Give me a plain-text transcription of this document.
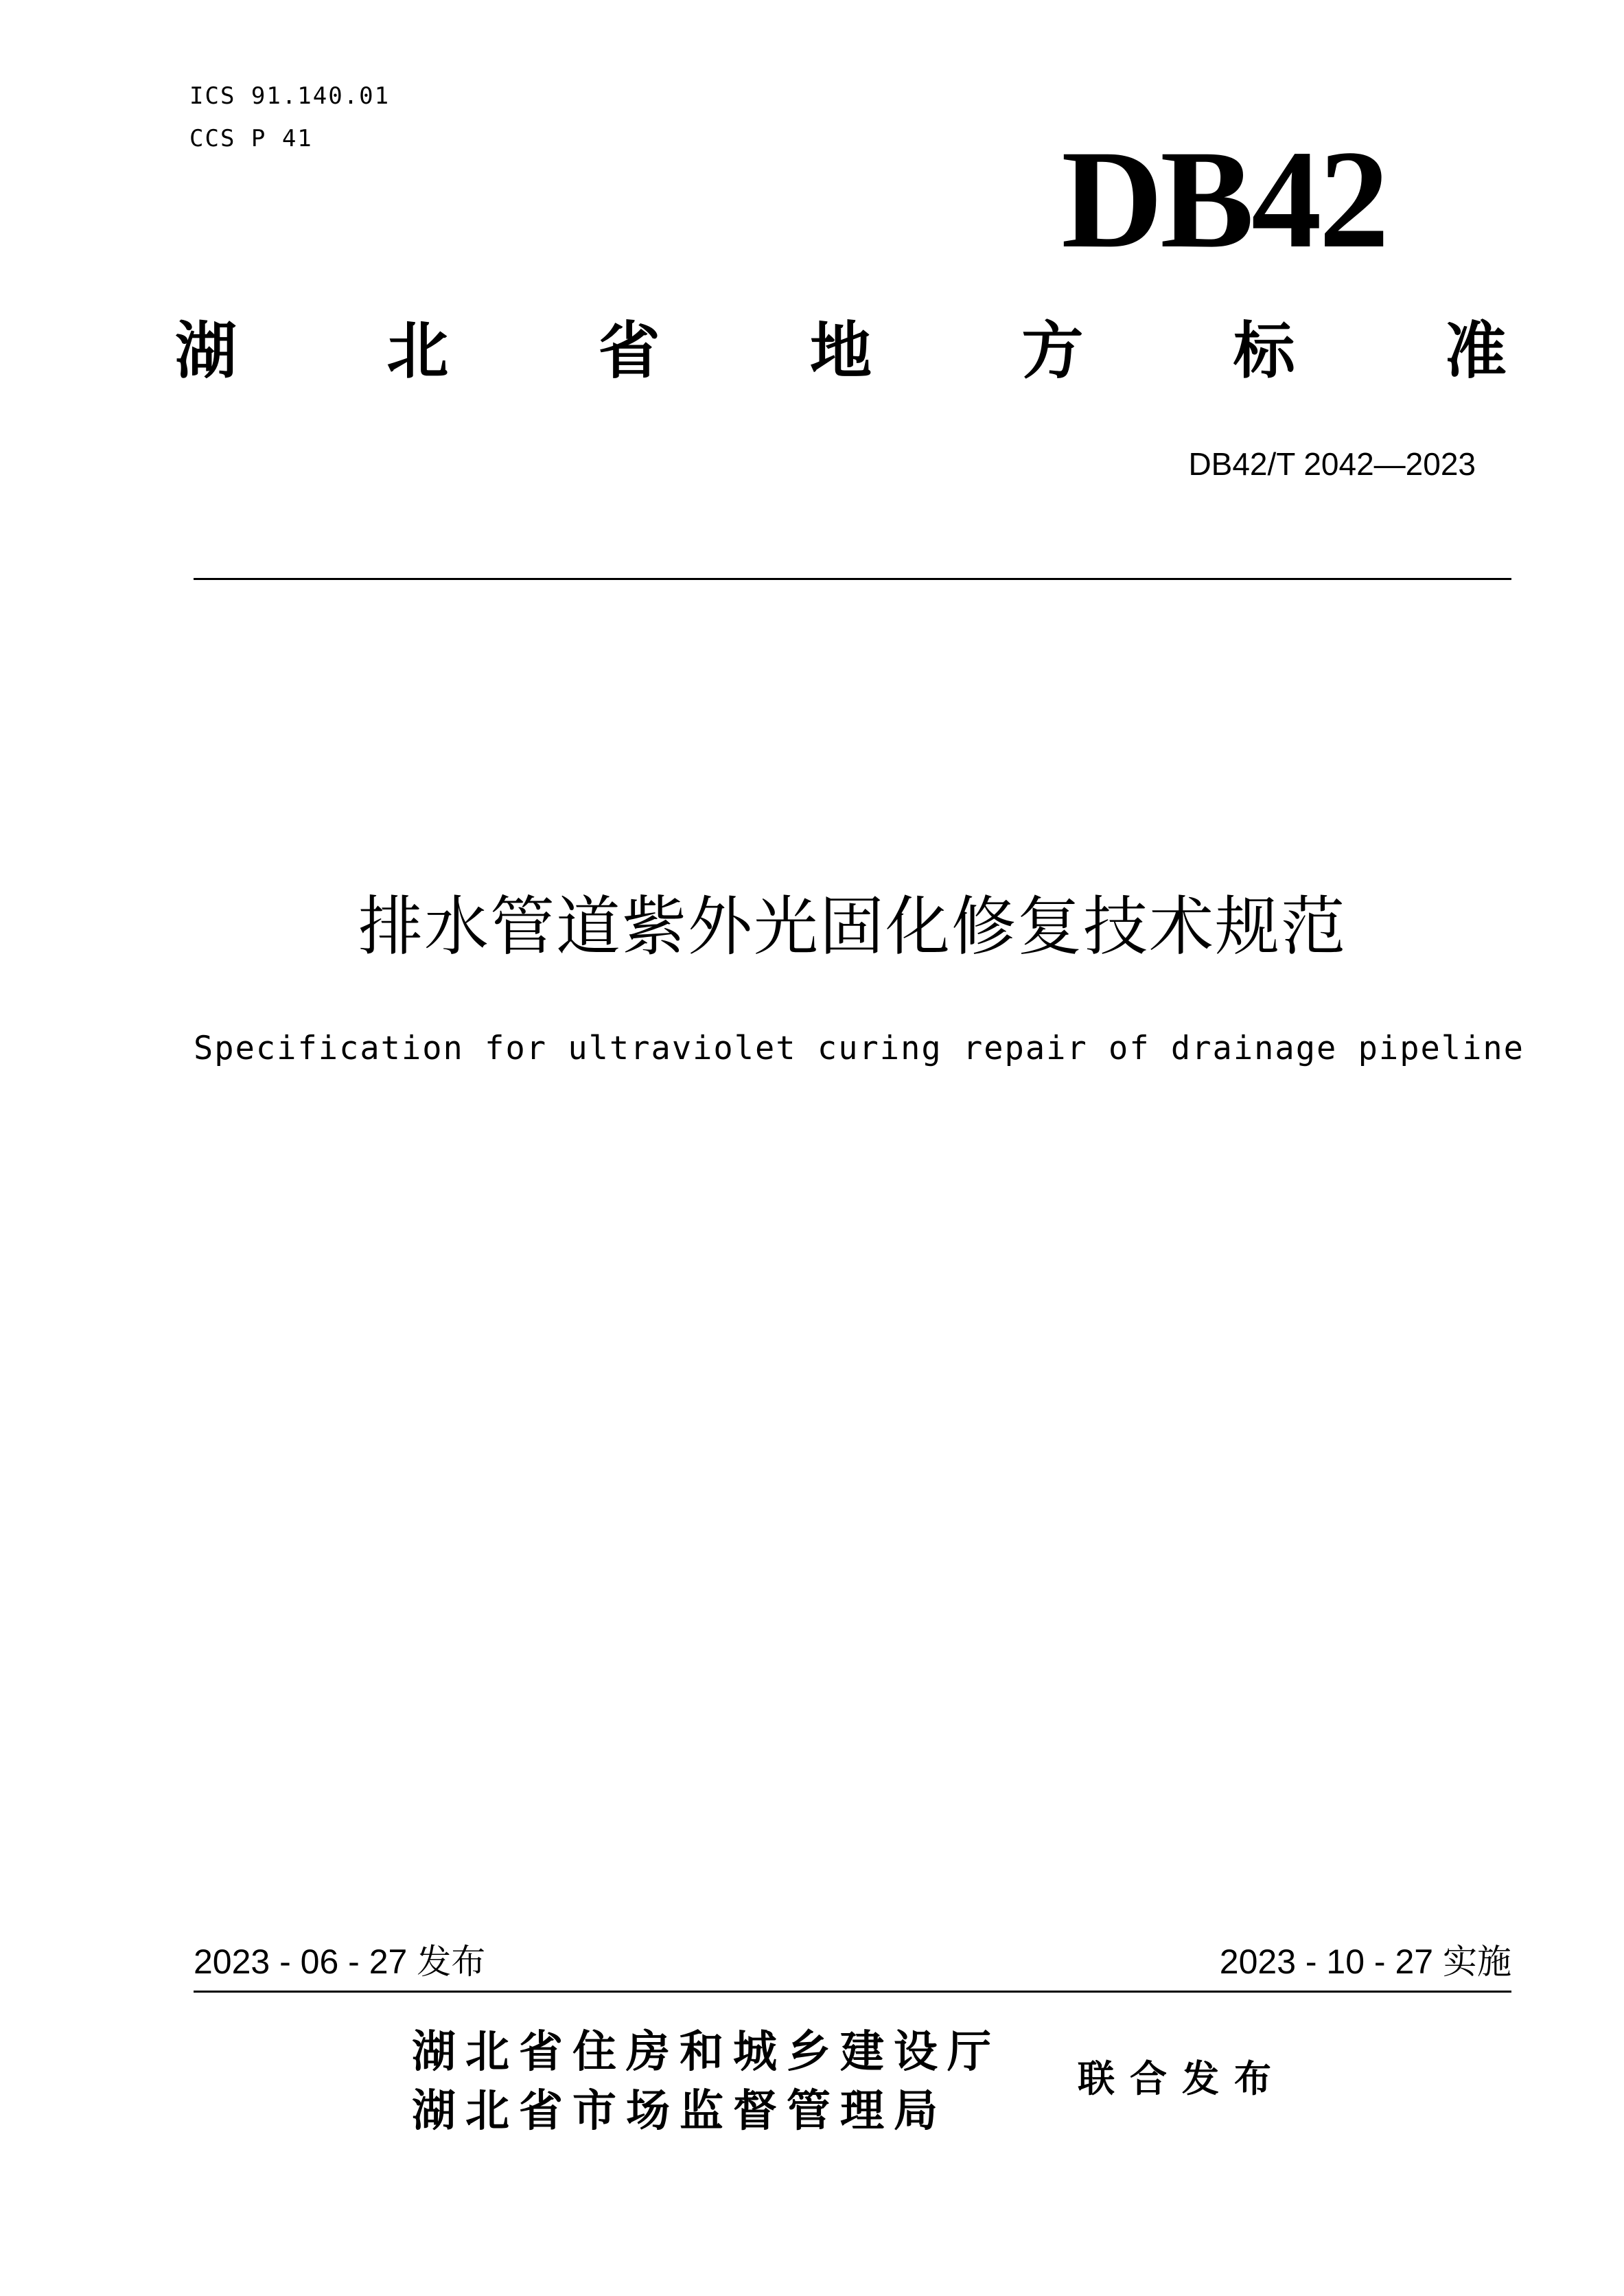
ICS 91.140.01
CCS P 41	DB42
湖 北 省 地 方 标 准
DB42/T 2042—2023
排水管道紫外光固化修复技术规范
Specification for ultraviolet curing repair of drainage pipeline
2023 - 06 - 27 发布	2023 - 10 - 27 实施
湖北省住房和城乡建设厅
湖北省市场监督管理局
联合发布
